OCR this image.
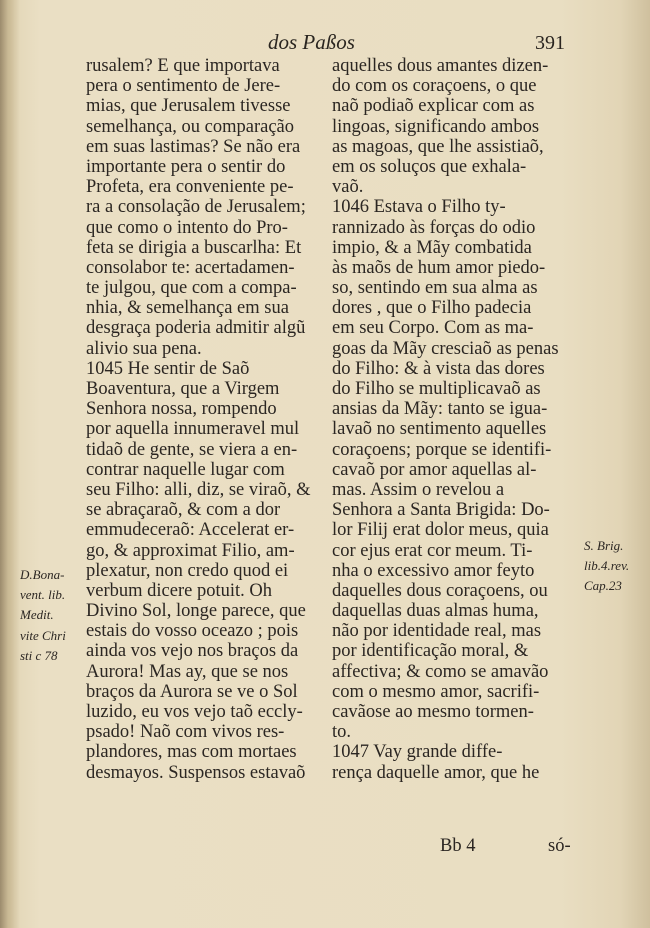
dos Paßos	391
rusalem? E que importava
pera o sentimento de Jere-
mias, que Jerusalem tivesse
semelhança, ou comparação
em suas lastimas? Se não era
importante pera o sentir do
Profeta, era conveniente pe-
ra a consolação de Jerusalem;
que como o intento do Pro-
feta se dirigia a buscarlha: Et
consolabor te: acertadamen-
te julgou, que com a compa-
nhia, & semelhança em sua
desgraça poderia admitir algũ
alivio sua pena.
1045 He sentir de Saõ
Boaventura, que a Virgem
Senhora nossa, rompendo
por aquella innumeravel mul
tidaõ de gente, se viera a en-
contrar naquelle lugar com
seu Filho: alli, diz, se viraõ, &
se abraçaraõ, & com a dor
emmudeceraõ: Accelerat er-
go, & approximat Filio, am-
plexatur, non credo quod ei
verbum dicere potuit. Oh
Divino Sol, longe parece, que
estais do vosso oceazo ; pois
ainda vos vejo nos braços da
Aurora! Mas ay, que se nos
braços da Aurora se ve o Sol
luzido, eu vos vejo taõ eccly-
psado! Naõ com vivos res-
plandores, mas com mortaes
desmayos. Suspensos estavaõ
aquelles dous amantes dizen-
do com os coraçoens, o que
naõ podiaõ explicar com as
lingoas, significando ambos
as magoas, que lhe assistiaõ,
em os soluços que exhala-
vaõ.
1046 Estava o Filho ty-
rannizado às forças do odio
impio, & a Mãy combatida
às maõs de hum amor piedo-
so, sentindo em sua alma as
dores , que o Filho padecia
em seu Corpo. Com as ma-
goas da Mãy cresciaõ as penas
do Filho: & à vista das dores
do Filho se multiplicavaõ as
ansias da Mãy: tanto se igua-
lavaõ no sentimento aquelles
coraçoens; porque se identifi-
cavaõ por amor aquellas al-
mas. Assim o revelou a
Senhora a Santa Brigida: Do-
lor Filij erat dolor meus, quia
cor ejus erat cor meum. Ti-
nha o excessivo amor feyto
daquelles dous coraçoens, ou
daquellas duas almas huma,
não por identidade real, mas
por identificação moral, &
affectiva; & como se amavão
com o mesmo amor, sacrifi-
cavãose ao mesmo tormen-
to.
1047 Vay grande diffe-
rença daquelle amor, que he
D.Bona-
vent. lib.
Medit.
vite Chri
sti c 78
S. Brig.
lib.4.rev.
Cap.23
Bb 4	só-
